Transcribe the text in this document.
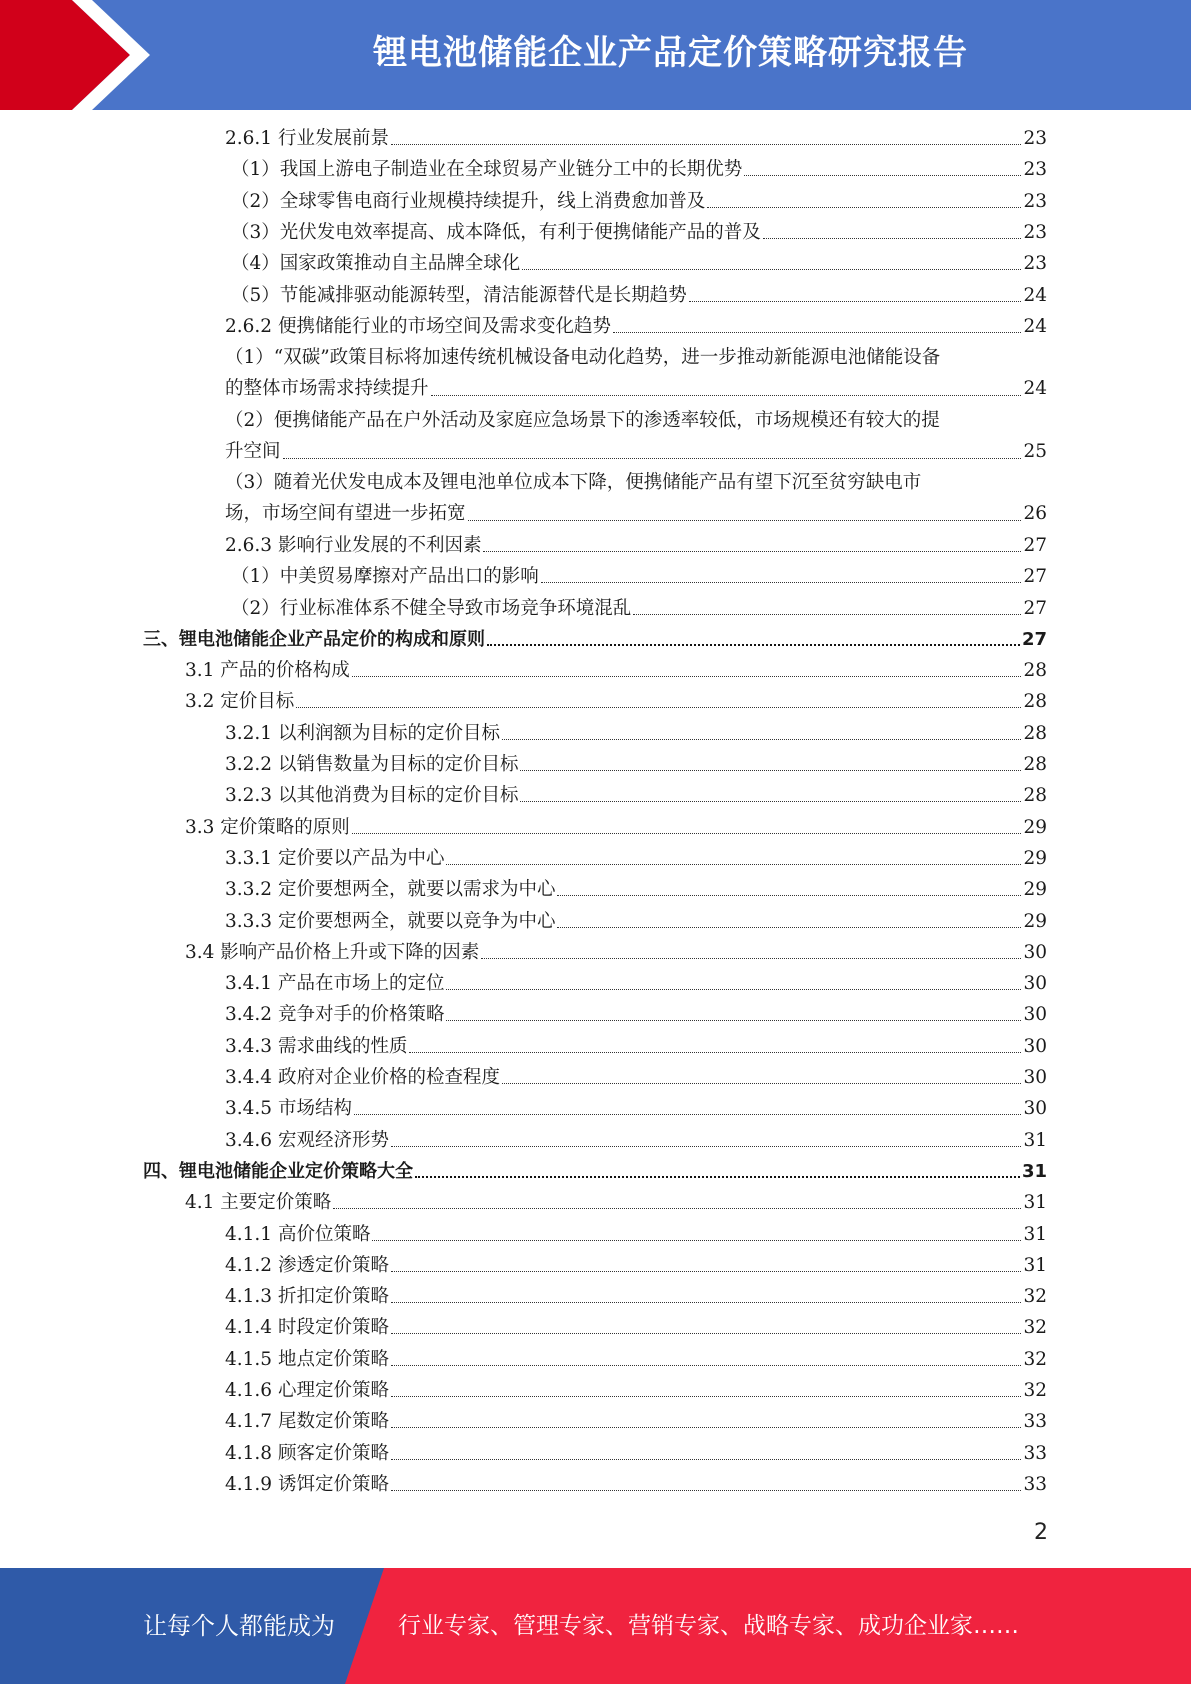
锂电池储能企业产品定价策略研究报告
2.6.1 行业发展前景	23
（1）我国上游电子制造业在全球贸易产业链分工中的长期优势	23
（2）全球零售电商行业规模持续提升，线上消费愈加普及	23
（3）光伏发电效率提高、成本降低，有利于便携储能产品的普及	23
（4）国家政策推动自主品牌全球化	23
（5）节能减排驱动能源转型，清洁能源替代是长期趋势	24
2.6.2 便携储能行业的市场空间及需求变化趋势	24
（1）“双碳”政策目标将加速传统机械设备电动化趋势，进一步推动新能源电池储能设备
的整体市场需求持续提升	24
（2）便携储能产品在户外活动及家庭应急场景下的渗透率较低，市场规模还有较大的提
升空间	25
（3）随着光伏发电成本及锂电池单位成本下降，便携储能产品有望下沉至贫穷缺电市
场，市场空间有望进一步拓宽	26
2.6.3 影响行业发展的不利因素	27
（1）中美贸易摩擦对产品出口的影响	27
（2）行业标准体系不健全导致市场竞争环境混乱	27
三、锂电池储能企业产品定价的构成和原则	27
3.1 产品的价格构成	28
3.2 定价目标	28
3.2.1 以利润额为目标的定价目标	28
3.2.2 以销售数量为目标的定价目标	28
3.2.3 以其他消费为目标的定价目标	28
3.3 定价策略的原则	29
3.3.1 定价要以产品为中心	29
3.3.2 定价要想两全，就要以需求为中心	29
3.3.3 定价要想两全，就要以竞争为中心	29
3.4 影响产品价格上升或下降的因素	30
3.4.1 产品在市场上的定位	30
3.4.2 竞争对手的价格策略	30
3.4.3 需求曲线的性质	30
3.4.4 政府对企业价格的检查程度	30
3.4.5 市场结构	30
3.4.6 宏观经济形势	31
四、锂电池储能企业定价策略大全	31
4.1 主要定价策略	31
4.1.1 高价位策略	31
4.1.2 渗透定价策略	31
4.1.3 折扣定价策略	32
4.1.4 时段定价策略	32
4.1.5 地点定价策略	32
4.1.6 心理定价策略	32
4.1.7 尾数定价策略	33
4.1.8 顾客定价策略	33
4.1.9 诱饵定价策略	33
2
让每个人都能成为	行业专家、管理专家、营销专家、战略专家、成功企业家……
